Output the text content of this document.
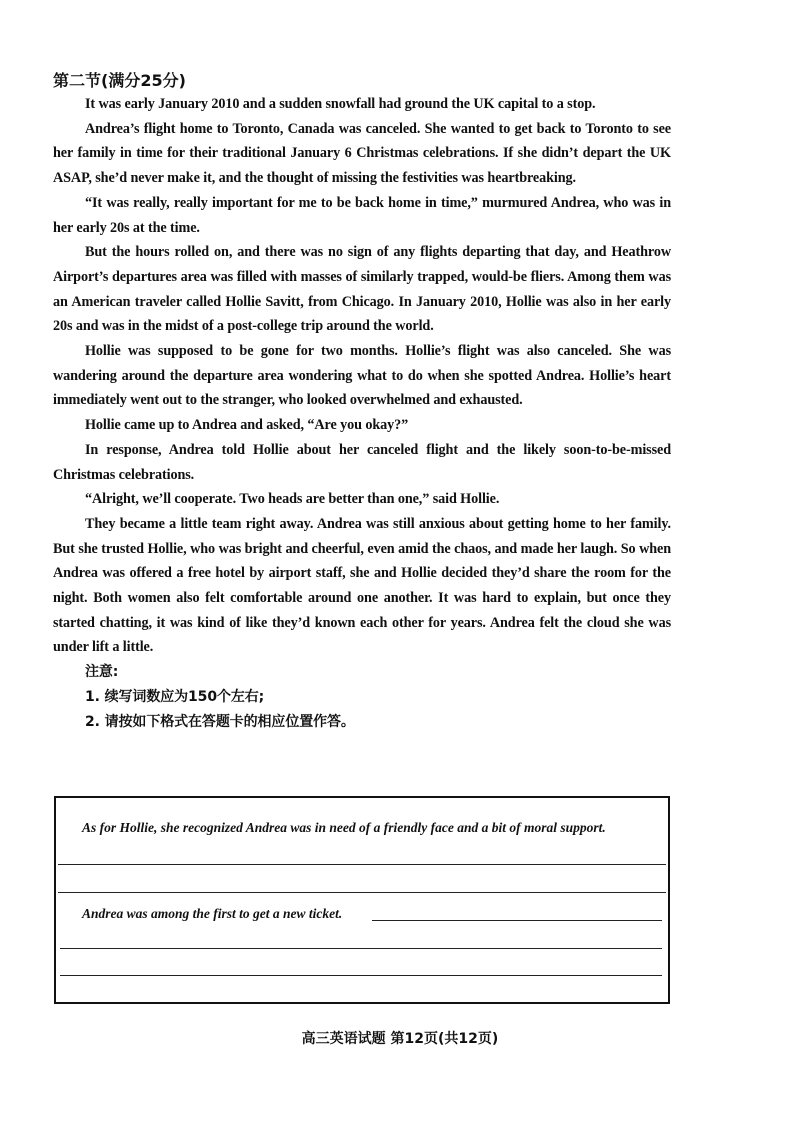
第二节(满分25分)

It was early January 2010 and a sudden snowfall had ground the UK capital to a stop.

Andrea’s flight home to Toronto, Canada was canceled. She wanted to get back to Toronto to see her family in time for their traditional January 6 Christmas celebrations. If she didn’t depart the UK ASAP, she’d never make it, and the thought of missing the festivities was heartbreaking.

“It was really, really important for me to be back home in time,” murmured Andrea, who was in her early 20s at the time.

But the hours rolled on, and there was no sign of any flights departing that day, and Heathrow Airport’s departures area was filled with masses of similarly trapped, would-be fliers. Among them was an American traveler called Hollie Savitt, from Chicago. In January 2010, Hollie was also in her early 20s and was in the midst of a post-college trip around the world.

Hollie was supposed to be gone for two months. Hollie’s flight was also canceled. She was wandering around the departure area wondering what to do when she spotted Andrea. Hollie’s heart immediately went out to the stranger, who looked overwhelmed and exhausted.

Hollie came up to Andrea and asked, “Are you okay?”

In response, Andrea told Hollie about her canceled flight and the likely soon-to-be-missed Christmas celebrations.

“Alright, we’ll cooperate. Two heads are better than one,” said Hollie.

They became a little team right away. Andrea was still anxious about getting home to her family. But she trusted Hollie, who was bright and cheerful, even amid the chaos, and made her laugh. So when Andrea was offered a free hotel by airport staff, she and Hollie decided they’d share the room for the night. Both women also felt comfortable around one another. It was hard to explain, but once they started chatting, it was kind of like they’d known each other for years. Andrea felt the cloud she was under lift a little.

注意:
1. 续写词数应为150个左右;
2. 请按如下格式在答题卡的相应位置作答。
As for Hollie, she recognized Andrea was in need of a friendly face and a bit of moral support.
Andrea was among the first to get a new ticket.
高三英语试题 第12页(共12页)
